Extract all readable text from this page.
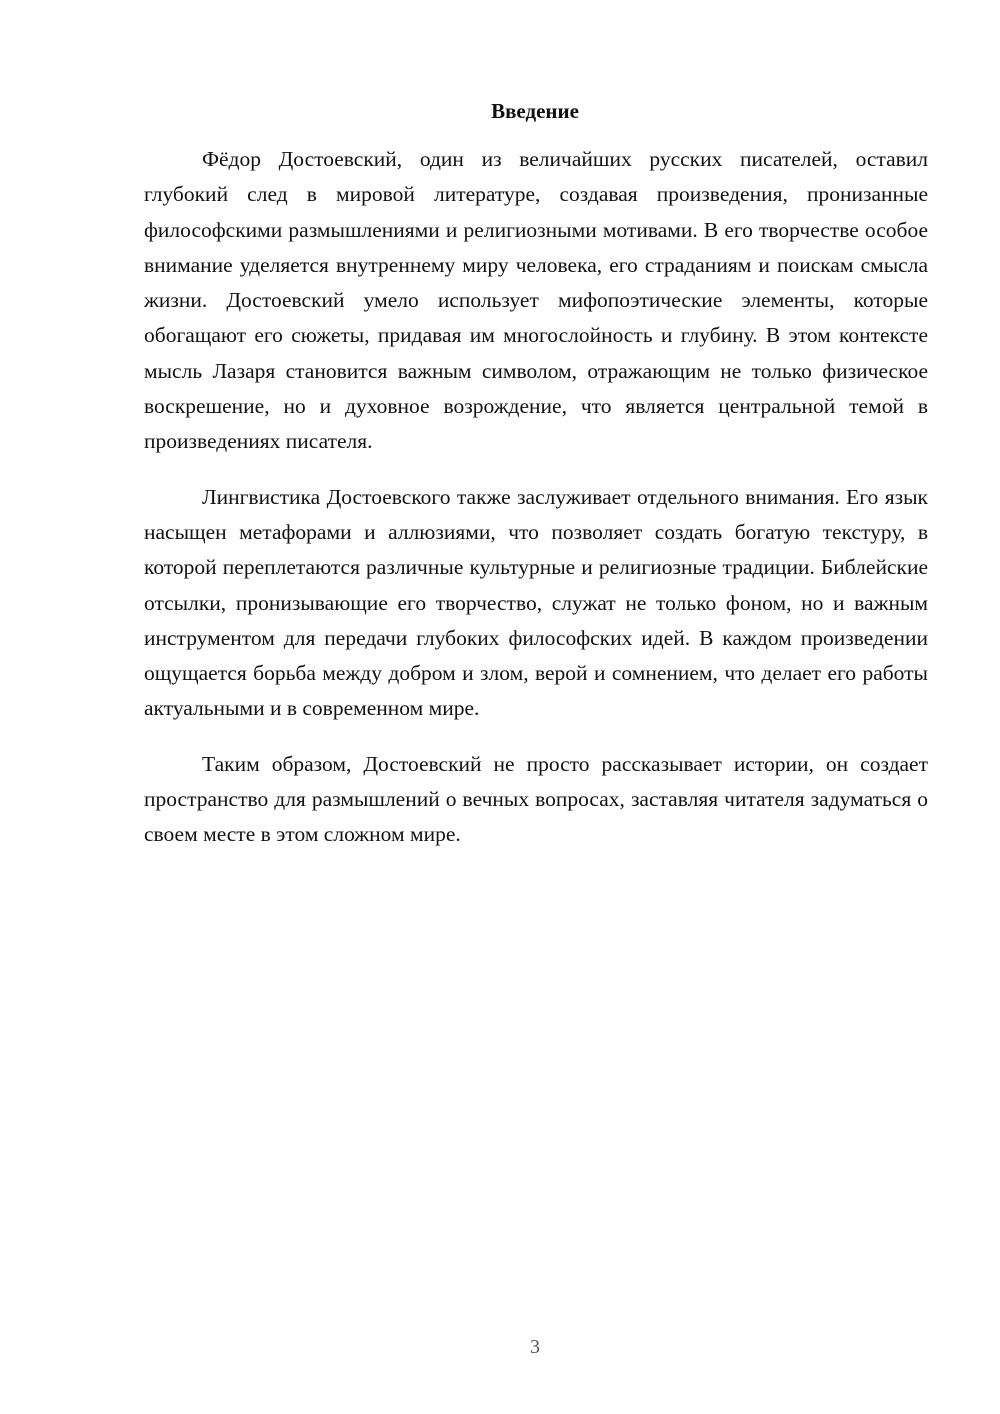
Введение

Фёдор Достоевский, один из величайших русских писателей, оставил глубокий след в мировой литературе, создавая произведения, пронизанные философскими размышлениями и религиозными мотивами. В его творчестве особое внимание уделяется внутреннему миру человека, его страданиям и поискам смысла жизни. Достоевский умело использует мифопоэтические элементы, которые обогащают его сюжеты, придавая им многослойность и глубину. В этом контексте мысль Лазаря становится важным символом, отражающим не только физическое воскрешение, но и духовное возрождение, что является центральной темой в произведениях писателя.

Лингвистика Достоевского также заслуживает отдельного внимания. Его язык насыщен метафорами и аллюзиями, что позволяет создать богатую текстуру, в которой переплетаются различные культурные и религиозные традиции. Библейские отсылки, пронизывающие его творчество, служат не только фоном, но и важным инструментом для передачи глубоких философских идей. В каждом произведении ощущается борьба между добром и злом, верой и сомнением, что делает его работы актуальными и в современном мире.

Таким образом, Достоевский не просто рассказывает истории, он создает пространство для размышлений о вечных вопросах, заставляя читателя задуматься о своем месте в этом сложном мире.

3
